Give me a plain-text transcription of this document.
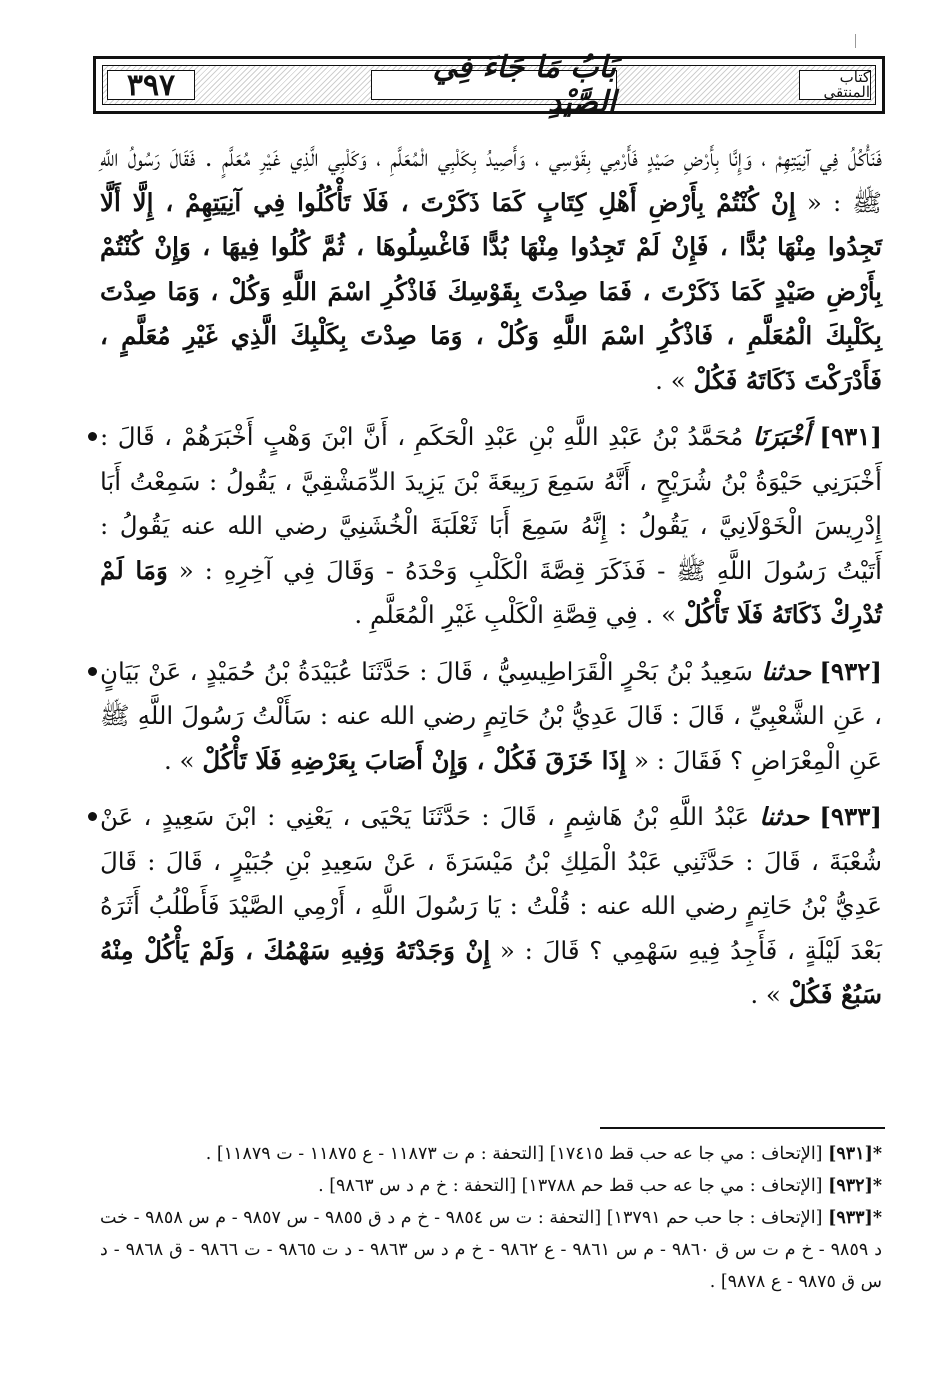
٣٩٧	بَابُ مَا جَاءَ فِي الصَّيْدِ
كتاب المنتقى

فَنَأْكُلُ فِي آنِيَتِهِمْ ، وَإِنَّا بِأَرْضِ صَيْدٍ فَأَرْمِي بِقَوْسِي ، وَأَصِيدُ بِكَلْبِي الْمُعَلَّمِ ، وَكَلْبِي الَّذِي غَيْرِ مُعَلَّمٍ . فَقَالَ رَسُولُ اللَّهِ ﷺ : « إِنْ كُنْتُمْ بِأَرْضِ أَهْلِ كِتَابٍ كَمَا ذَكَرْتَ ، فَلَا تَأْكُلُوا فِي آنِيَتِهِمْ ، إِلَّا أَلَّا تَجِدُوا مِنْهَا بُدًّا ، فَإِنْ لَمْ تَجِدُوا مِنْهَا بُدًّا فَاغْسِلُوهَا ، ثُمَّ كُلُوا فِيهَا ، وَإِنْ كُنْتُمْ بِأَرْضِ صَيْدٍ كَمَا ذَكَرْتَ ، فَمَا صِدْتَ بِقَوْسِكَ فَاذْكُرِ اسْمَ اللَّهِ وَكُلْ ، وَمَا صِدْتَ بِكَلْبِكَ الْمُعَلَّمِ ، فَاذْكُرِ اسْمَ اللَّهِ وَكُلْ ، وَمَا صِدْتَ بِكَلْبِكَ الَّذِي غَيْرِ مُعَلَّمٍ ، فَأَدْرَكْتَ ذَكَاتَهُ فَكُلْ » .

[٩٣١] أَخْبَرَنَا مُحَمَّدُ بْنُ عَبْدِ اللَّهِ بْنِ عَبْدِ الْحَكَمِ ، أَنَّ ابْنَ وَهْبٍ أَخْبَرَهُمْ ، قَالَ : أَخْبَرَنِي حَيْوَةُ بْنُ شُرَيْحٍ ، أَنَّهُ سَمِعَ رَبِيعَةَ بْنَ يَزِيدَ الدِّمَشْقِيَّ ، يَقُولُ : سَمِعْتُ أَبَا إِدْرِيسَ الْخَوْلَانِيَّ ، يَقُولُ : إِنَّهُ سَمِعَ أَبَا ثَعْلَبَةَ الْخُشَنِيَّ رضي الله عنه يَقُولُ : أَتَيْتُ رَسُولَ اللَّهِ ﷺ - فَذَكَرَ قِصَّةَ الْكَلْبِ وَحْدَهُ - وَقَالَ فِي آخِرِهِ : « وَمَا لَمْ تُدْرِكْ ذَكَاتَهُ فَلَا تَأْكُلْ » . فِي قِصَّةِ الْكَلْبِ غَيْرِ الْمُعَلَّمِ .

[٩٣٢] حدثنا سَعِيدُ بْنُ بَحْرٍ الْقَرَاطِيسِيُّ ، قَالَ : حَدَّثَنَا عُبَيْدَةُ بْنُ حُمَيْدٍ ، عَنْ بَيَانٍ ، عَنِ الشَّعْبِيِّ ، قَالَ : قَالَ عَدِيُّ بْنُ حَاتِمٍ رضي الله عنه : سَأَلْتُ رَسُولَ اللَّهِ ﷺ عَنِ الْمِعْرَاضِ ؟ فَقَالَ : « إِذَا خَزَقَ فَكُلْ ، وَإِنْ أَصَابَ بِعَرْضِهِ فَلَا تَأْكُلْ » .

[٩٣٣] حدثنا عَبْدُ اللَّهِ بْنُ هَاشِمٍ ، قَالَ : حَدَّثَنَا يَحْيَى ، يَعْنِي : ابْنَ سَعِيدٍ ، عَنْ شُعْبَةَ ، قَالَ : حَدَّثَنِي عَبْدُ الْمَلِكِ بْنُ مَيْسَرَةَ ، عَنْ سَعِيدِ بْنِ جُبَيْرٍ ، قَالَ : قَالَ عَدِيُّ بْنُ حَاتِمٍ رضي الله عنه : قُلْتُ : يَا رَسُولَ اللَّهِ ، أَرْمِي الصَّيْدَ فَأَطْلُبُ أَثَرَهُ بَعْدَ لَيْلَةٍ ، فَأَجِدُ فِيهِ سَهْمِي ؟ قَالَ : « إِنْ وَجَدْتَهُ وَفِيهِ سَهْمُكَ ، وَلَمْ يَأْكُلْ مِنْهُ سَبُعٌ فَكُلْ » .

*[٩٣١] [الإتحاف : مي جا عه حب قط ١٧٤١٥] [التحفة : م ت ١١٨٧٣ - ع ١١٨٧٥ - ت ١١٨٧٩] .

*[٩٣٢] [الإتحاف : مي جا عه حب قط حم ١٣٧٨٨] [التحفة : خ م د س ٩٨٦٣] .

*[٩٣٣] [الإتحاف : جا حب حم ١٣٧٩١] [التحفة : ت س ٩٨٥٤ - خ م د ق ٩٨٥٥ - س ٩٨٥٧ - م س ٩٨٥٨ - خت د ٩٨٥٩ - خ م ت س ق ٩٨٦٠ - م س ٩٨٦١ - ع ٩٨٦٢ - خ م د س ٩٨٦٣ - د ت ٩٨٦٥ - ت ٩٨٦٦ - ق ٩٨٦٨ - د س ق ٩٨٧٥ - ع ٩٨٧٨] .
